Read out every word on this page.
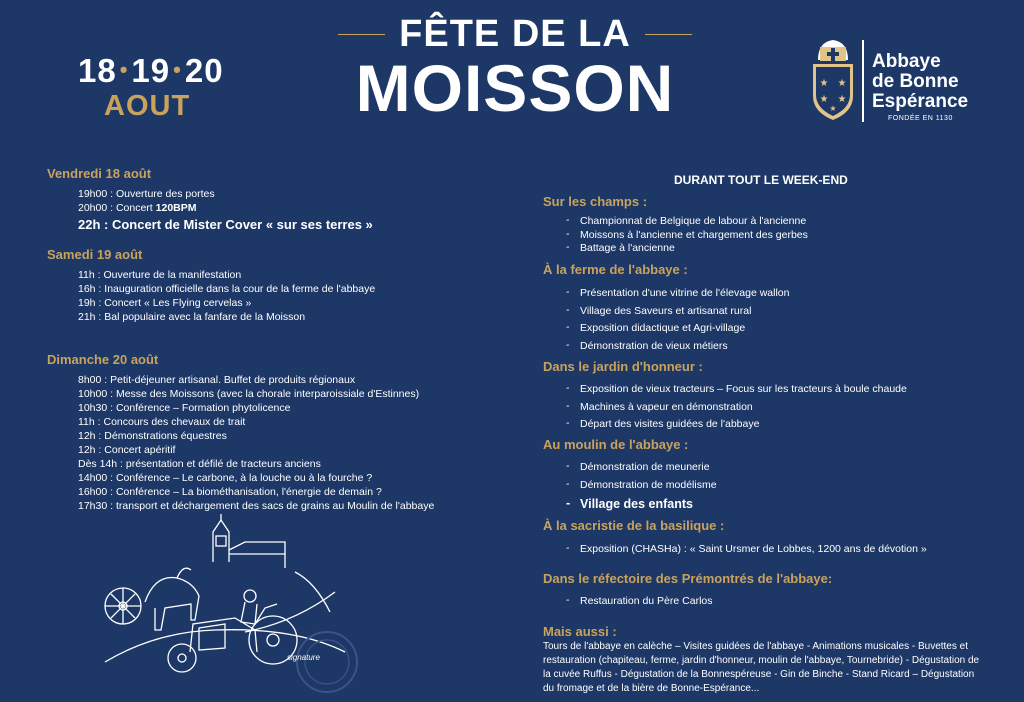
18 •19 •20
AOUT
FÊTE DE LA
MOISSON	★ ★
★ ★
★
Abbaye
de Bonne
Espérance
FONDÉE EN 1130
Vendredi 18 août
19h00 : Ouverture des portes
20h00 : Concert 120BPM
22h : Concert de Mister Cover « sur ses terres »
Samedi 19 août
11h : Ouverture de la manifestation
16h : Inauguration officielle dans la cour de la ferme de l'abbaye
19h : Concert « Les Flying cervelas »
21h : Bal populaire avec la fanfare de la Moisson
Dimanche 20 août
8h00 : Petit-déjeuner artisanal. Buffet de produits régionaux
10h00 : Messe des Moissons (avec la chorale interparoissiale d'Estinnes)
10h30 : Conférence – Formation phytolicence
11h : Concours des chevaux de trait
12h : Démonstrations équestres
12h : Concert apéritif
Dès 14h : présentation et défilé de tracteurs anciens
14h00 : Conférence – Le carbone, à la louche ou à la fourche ?
16h00 : Conférence – La biométhanisation, l'énergie de demain ?
17h30 : transport et déchargement des sacs de grains au Moulin de l'abbaye
signature
DURANT TOUT LE WEEK-END
Sur les champs :
- Championnat de Belgique de labour à l'ancienne
- Moissons à l'ancienne et chargement des gerbes
- Battage à l'ancienne
À la ferme de l'abbaye :
- Présentation d'une vitrine de l'élevage wallon
- Village des Saveurs et artisanat rural
- Exposition didactique et Agri-village
- Démonstration de vieux métiers
Dans le jardin d'honneur :
- Exposition de vieux tracteurs – Focus sur les tracteurs à boule chaude
- Machines à vapeur en démonstration
- Départ des visites guidées de l'abbaye
Au moulin de l'abbaye :
- Démonstration de meunerie
- Démonstration de modélisme
- Village des enfants
À la sacristie de la basilique :
- Exposition (CHASHa) : « Saint Ursmer de Lobbes, 1200 ans de dévotion »
Dans le réfectoire des Prémontrés de l'abbaye:
- Restauration du Père Carlos
Mais aussi :
Tours de l'abbaye en calèche – Visites guidées de l'abbaye - Animations musicales - Buvettes et restauration (chapiteau, ferme, jardin d'honneur, moulin de l'abbaye, Tournebride) - Dégustation de la cuvée Ruffus - Dégustation de la Bonnespéreuse - Gin de Binche - Stand Ricard – Dégustation du fromage et de la bière de Bonne-Espérance...
